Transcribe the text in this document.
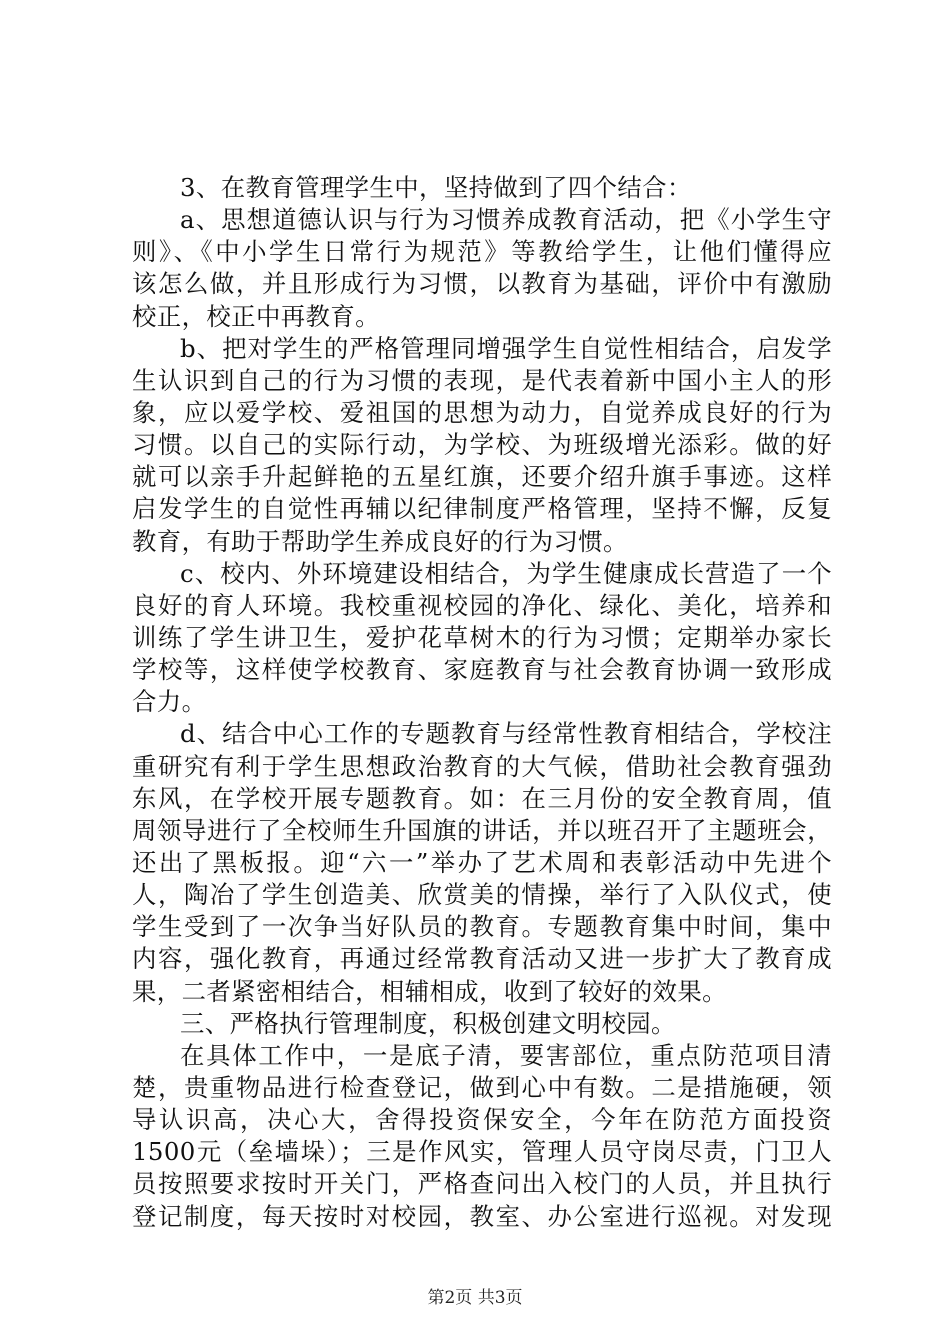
3、在教育管理学生中，坚持做到了四个结合：
a、思想道德认识与行为习惯养成教育活动，把《小学生守
则》、《中小学生日常行为规范》等教给学生，让他们懂得应
该怎么做，并且形成行为习惯，以教育为基础，评价中有激励
校正，校正中再教育。
b、把对学生的严格管理同增强学生自觉性相结合，启发学
生认识到自己的行为习惯的表现，是代表着新中国小主人的形
象，应以爱学校、爱祖国的思想为动力，自觉养成良好的行为
习惯。以自己的实际行动，为学校、为班级增光添彩。做的好
就可以亲手升起鲜艳的五星红旗，还要介绍升旗手事迹。这样
启发学生的自觉性再辅以纪律制度严格管理，坚持不懈，反复
教育，有助于帮助学生养成良好的行为习惯。
c、校内、外环境建设相结合，为学生健康成长营造了一个
良好的育人环境。我校重视校园的净化、绿化、美化，培养和
训练了学生讲卫生，爱护花草树木的行为习惯；定期举办家长
学校等，这样使学校教育、家庭教育与社会教育协调一致形成
合力。
d、结合中心工作的专题教育与经常性教育相结合，学校注
重研究有利于学生思想政治教育的大气候，借助社会教育强劲
东风，在学校开展专题教育。如：在三月份的安全教育周，值
周领导进行了全校师生升国旗的讲话，并以班召开了主题班会，
还出了黑板报。迎“六一”举办了艺术周和表彰活动中先进个
人，陶冶了学生创造美、欣赏美的情操，举行了入队仪式，使
学生受到了一次争当好队员的教育。专题教育集中时间，集中
内容，强化教育，再通过经常教育活动又进一步扩大了教育成
果，二者紧密相结合，相辅相成，收到了较好的效果。
三、严格执行管理制度，积极创建文明校园。
在具体工作中，一是底子清，要害部位，重点防范项目清
楚，贵重物品进行检查登记，做到心中有数。二是措施硬，领
导认识高，决心大，舍得投资保安全，今年在防范方面投资
1500元（垒墙垛）；三是作风实，管理人员守岗尽责，门卫人
员按照要求按时开关门，严格查问出入校门的人员，并且执行
登记制度，每天按时对校园，教室、办公室进行巡视。对发现
第2页 共3页
